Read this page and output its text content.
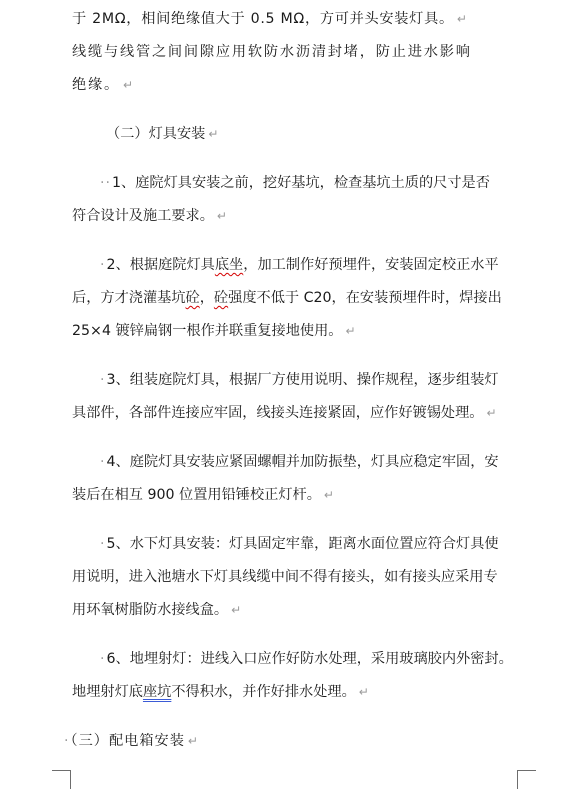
于 2MΩ，相间绝缘值大于 0.5 MΩ，方可并头安装灯具。 ↵
线缆与线管之间间隙应用软防水沥清封堵，防止进水影响
绝缘。 ↵
（二）灯具安装 ↵
··1、庭院灯具安装之前，挖好基坑，检查基坑土质的尺寸是否
符合设计及施工要求。 ↵
·2、根据庭院灯具底坐，加工制作好预埋件，安装固定校正水平
后，方才浇灌基坑砼，砼强度不低于 C20，在安装预埋件时，焊接出
25×4 镀锌扁钢一根作并联重复接地使用。 ↵
·3、组装庭院灯具，根据厂方使用说明、操作规程，逐步组装灯
具部件，各部件连接应牢固，线接头连接紧固，应作好镀锡处理。 ↵
·4、庭院灯具安装应紧固螺帽并加防振垫，灯具应稳定牢固，安
装后在相互 900 位置用铅锤校正灯杆。 ↵
·5、水下灯具安装：灯具固定牢靠，距离水面位置应符合灯具使
用说明，进入池塘水下灯具线缆中间不得有接头，如有接头应采用专
用环氧树脂防水接线盒。 ↵
·6、地埋射灯：进线入口应作好防水处理，采用玻璃胶内外密封。
地埋射灯底座坑不得积水，并作好排水处理。 ↵
·（三）配电箱安装 ↵
